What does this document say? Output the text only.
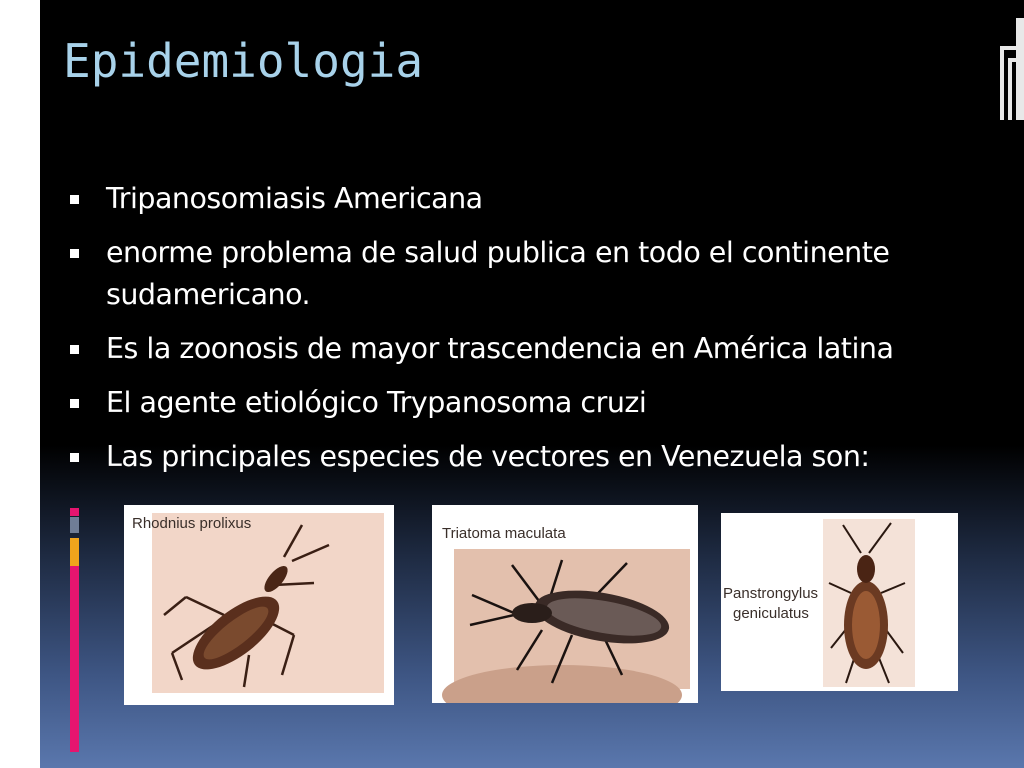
Epidemiologia
Tripanosomiasis Americana
enorme problema de salud publica en todo el continente sudamericano.
Es la zoonosis de mayor trascendencia en América latina
El agente etiológico Trypanosoma cruzi
Las principales especies de vectores en Venezuela son:
Rhodnius prolixus
Triatoma maculata
Panstrongylus
geniculatus
